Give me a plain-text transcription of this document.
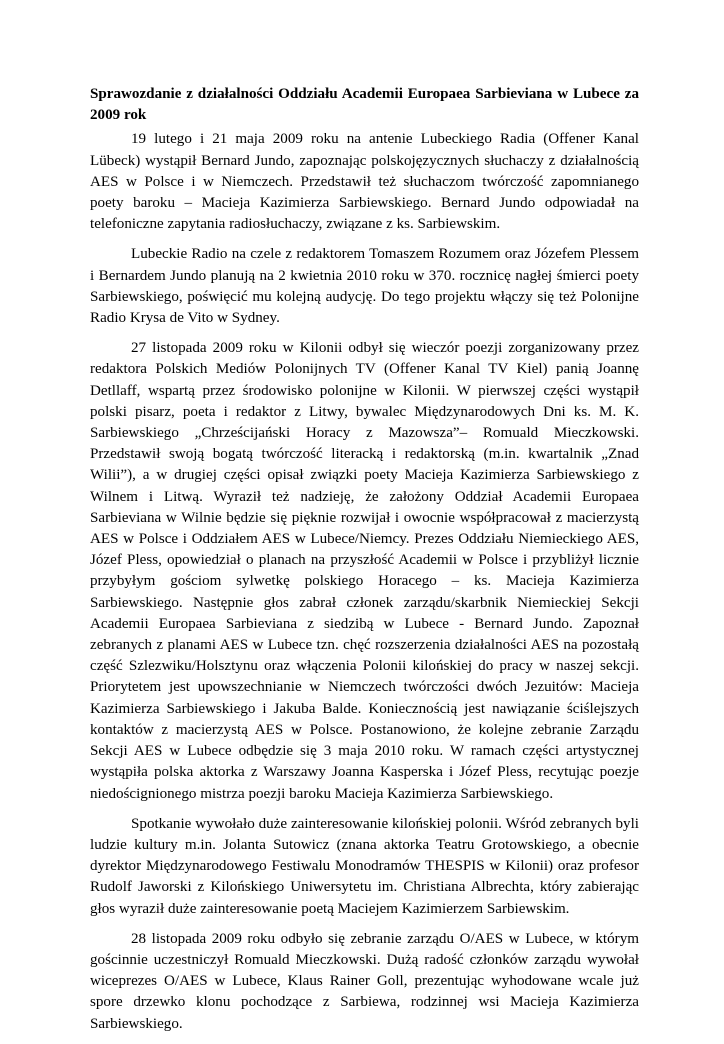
Sprawozdanie z działalności Oddziału Academii Europaea Sarbieviana w Lubece za 2009 rok

19 lutego i 21 maja 2009 roku na antenie Lubeckiego Radia (Offener Kanal Lübeck) wystąpił Bernard Jundo, zapoznając polskojęzycznych słuchaczy z działalnością AES w Polsce i w Niemczech. Przedstawił też słuchaczom twórczość zapomnianego poety baroku – Macieja Kazimierza Sarbiewskiego. Bernard Jundo odpowiadał na telefoniczne zapytania radiosłuchaczy, związane z ks. Sarbiewskim.

Lubeckie Radio na czele z redaktorem Tomaszem Rozumem oraz Józefem Plessem i Bernardem Jundo planują na 2 kwietnia 2010 roku w 370. rocznicę nagłej śmierci poety Sarbiewskiego, poświęcić mu kolejną audycję. Do tego projektu włączy się też Polonijne Radio Krysa de Vito w Sydney.

27 listopada 2009 roku w Kilonii odbył się wieczór poezji zorganizowany przez redaktora Polskich Mediów Polonijnych TV (Offener Kanal TV Kiel) panią Joannę Detllaff, wspartą przez środowisko polonijne w Kilonii. W pierwszej części wystąpił polski pisarz, poeta i redaktor z Litwy, bywalec Międzynarodowych Dni ks. M. K. Sarbiewskiego „Chrześcijański Horacy z Mazowsza”– Romuald Mieczkowski. Przedstawił swoją bogatą twórczość literacką i redaktorską (m.in. kwartalnik „Znad Wilii”), a w drugiej części opisał związki poety Macieja Kazimierza Sarbiewskiego z Wilnem i Litwą. Wyraził też nadzieję, że założony Oddział Academii Europaea Sarbieviana w Wilnie będzie się pięknie rozwijał i owocnie współpracował z macierzystą AES w Polsce i Oddziałem AES w Lubece/Niemcy. Prezes Oddziału Niemieckiego AES, Józef Pless, opowiedział o planach na przyszłość Academii w Polsce i przybliżył licznie przybyłym gościom sylwetkę polskiego Horacego – ks. Macieja Kazimierza Sarbiewskiego. Następnie głos zabrał członek zarządu/skarbnik Niemieckiej Sekcji Academii Europaea Sarbieviana z siedzibą w Lubece - Bernard Jundo. Zapoznał zebranych z planami AES w Lubece tzn. chęć rozszerzenia działalności AES na pozostałą część Szlezwiku/Holsztynu oraz włączenia Polonii kilońskiej do pracy w naszej sekcji. Priorytetem jest upowszechnianie w Niemczech twórczości dwóch Jezuitów: Macieja Kazimierza Sarbiewskiego i Jakuba Balde. Koniecznością jest nawiązanie ściślejszych kontaktów z macierzystą AES w Polsce. Postanowiono, że kolejne zebranie Zarządu Sekcji AES w Lubece odbędzie się 3 maja 2010 roku. W ramach części artystycznej wystąpiła polska aktorka z Warszawy Joanna Kasperska i Józef Pless, recytując poezje niedoścignionego mistrza poezji baroku Macieja Kazimierza Sarbiewskiego.

Spotkanie wywołało duże zainteresowanie kilońskiej polonii. Wśród zebranych byli ludzie kultury m.in. Jolanta Sutowicz (znana aktorka Teatru Grotowskiego, a obecnie dyrektor Międzynarodowego Festiwalu Monodramów THESPIS w Kilonii) oraz profesor Rudolf Jaworski z Kilońskiego Uniwersytetu im. Christiana Albrechta, który zabierając głos wyraził duże zainteresowanie poetą Maciejem Kazimierzem Sarbiewskim.

28 listopada 2009 roku odbyło się zebranie zarządu O/AES w Lubece, w którym gościnnie uczestniczył Romuald Mieczkowski. Dużą radość członków zarządu wywołał wiceprezes O/AES w Lubece, Klaus Rainer Goll, prezentując wyhodowane wcale już spore drzewko klonu pochodzące z Sarbiewa, rodzinnej wsi Macieja Kazimierza Sarbiewskiego.
